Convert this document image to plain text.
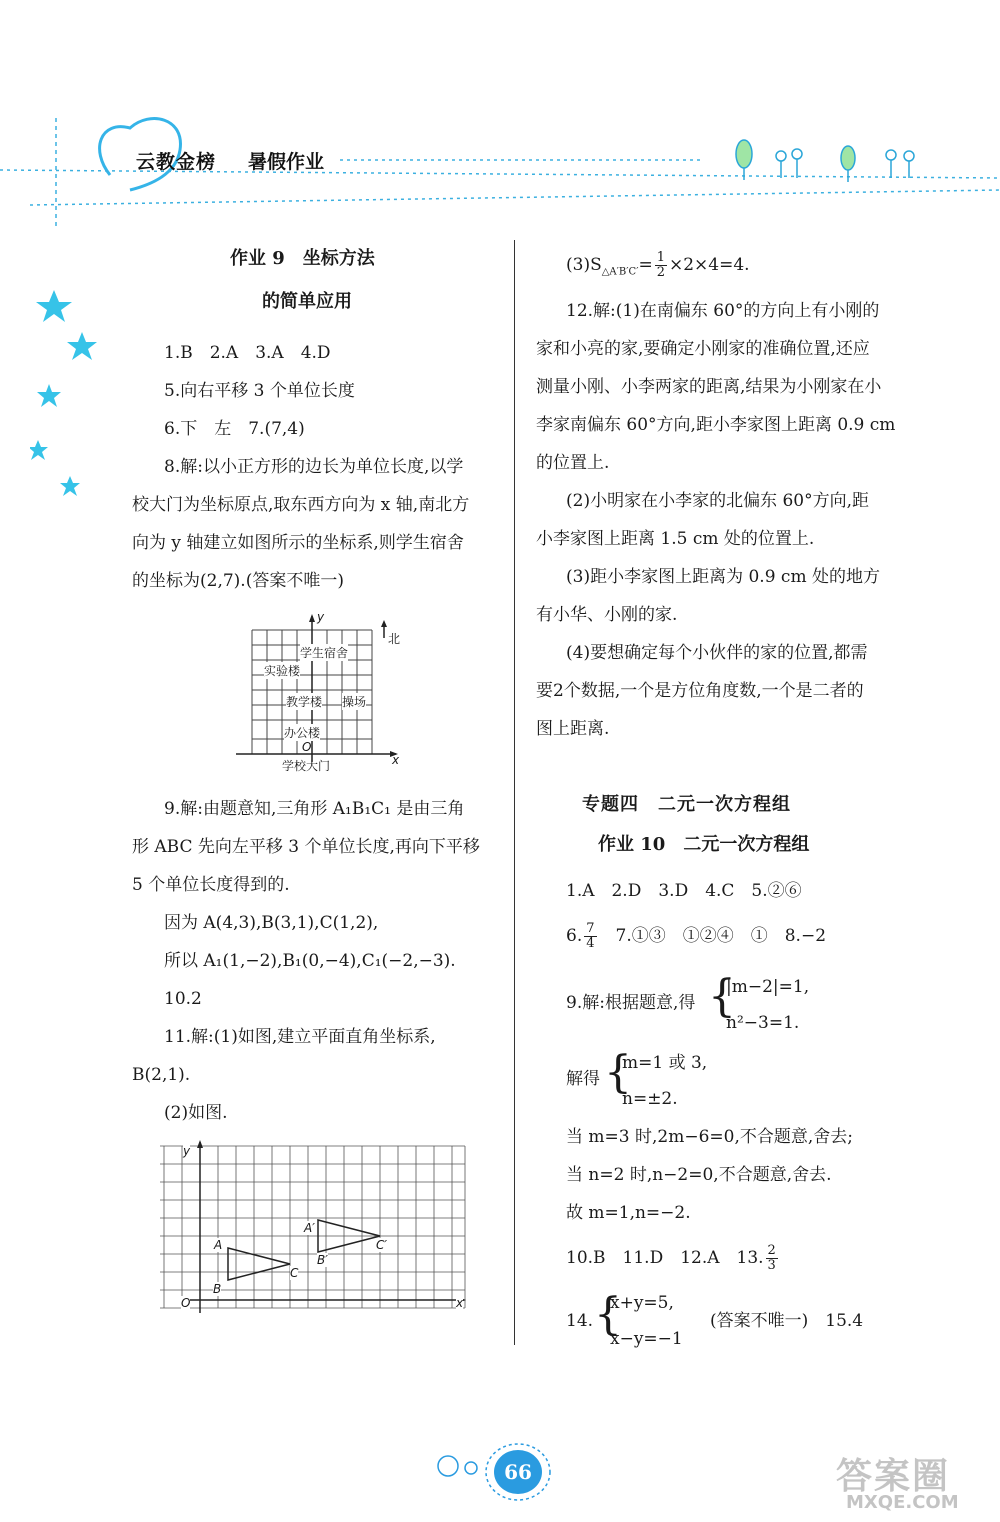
云教金榜 暑假作业
作业 9　坐标方法
的简单应用
1.B　2.A　3.A　4.D
5.向右平移 3 个单位长度
6.下　左　7.(7,4)
8.解:以小正方形的边长为单位长度,以学
校大门为坐标原点,取东西方向为 x 轴,南北方
向为 y 轴建立如图所示的坐标系,则学生宿舍
的坐标为(2,7).(答案不唯一)
y
北
学生宿舍
实验楼
教学楼 操场
办公楼
O
学校大门	x
9.解:由题意知,三角形 A₁B₁C₁ 是由三角
形 ABC 先向左平移 3 个单位长度,再向下平移
5 个单位长度得到的.
因为 A(4,3),B(3,1),C(1,2),
所以 A₁(1,−2),B₁(0,−4),C₁(−2,−3).
10.2
11.解:(1)如图,建立平面直角坐标系,
B(2,1).
(2)如图.
y
O	x
A
B
C
A′
B′
C′
$(3)S_{\triangle A'B'C'}= \frac{1}{2} \times 2\times 4=4$.
12.解:(1)在南偏东 60°的方向上有小刚的
家和小亮的家,要确定小刚家的准确位置,还应
测量小刚、小李两家的距离,结果为小刚家在小
李家南偏东 60°方向,距小李家图上距离 0.9 cm
的位置上.
(2)小明家在小李家的北偏东 60°方向,距
小李家图上距离 1.5 cm 处的位置上.
(3)距小李家图上距离为 0.9 cm 处的地方
有小华、小刚的家.
(4)要想确定每个小伙伴的家的位置,都需
要2个数据,一个是方位角度数,一个是二者的
图上距离.
专题四　二元一次方程组
作业 10　二元一次方程组
1.A　2.D　3.D　4.C　5.②⑥
6. $\frac{7}{4}$ 　7.①③　①②④　①　8.−2
9.解:根据题意,得 {
|m−2|=1,
n²−3=1.
解得 {
m=1 或 3,
n=±2.
当 m=3 时,2m−6=0,不合题意,舍去;
当 n=2 时,n−2=0,不合题意,舍去.
故 m=1,n=−2.
10.B　11.D　12.A　13. $\frac{2}{3}$
14. {
x+y=5,
x−y=−1
(答案不唯一)　15.4
66	答案圈
MXQE.COM
